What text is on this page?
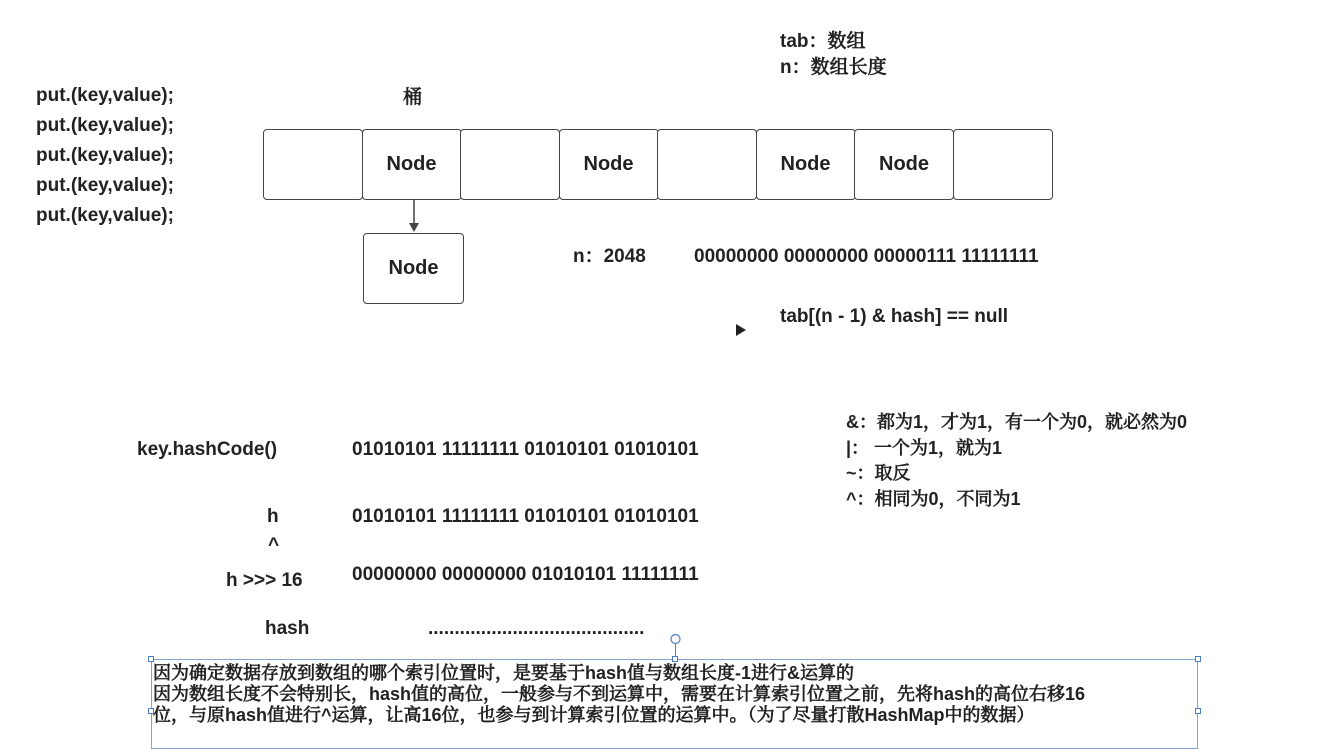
tab：数组
n：数组长度
put.(key,value);
put.(key,value);
put.(key,value);
put.(key,value);
put.(key,value);
桶
Node	Node	Node	Node
Node
n：2048	00000000 00000000 00000111 11111111
tab[(n - 1) & hash] == null
&：都为1，才为1，有一个为0，就必然为0
|： 一个为1，就为1
~：取反
^：相同为0，不同为1
key.hashCode()	01010101 11111111 01010101 01010101
h	01010101 11111111 01010101 01010101
^
h >>> 16	00000000 00000000 01010101 11111111
hash	.........................................
因为确定数据存放到数组的哪个索引位置时，是要基于hash值与数组长度-1进行&运算的
因为数组长度不会特别长，hash值的高位，一般参与不到运算中，需要在计算索引位置之前，先将hash的高位右移16
位，与原hash值进行^运算，让高16位，也参与到计算索引位置的运算中。（为了尽量打散HashMap中的数据）
